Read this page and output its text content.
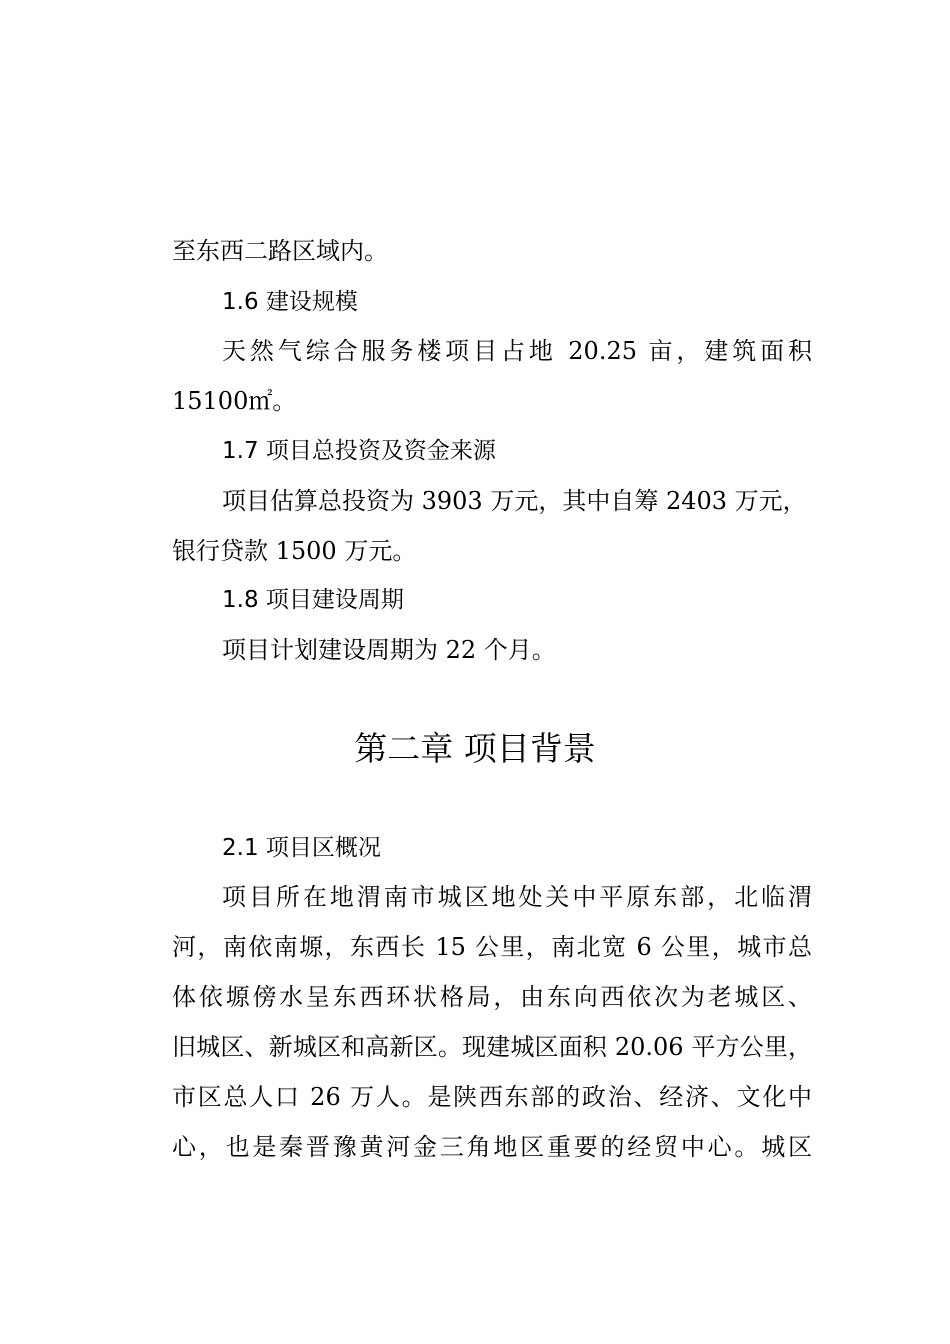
至东西二路区域内。
1.6 建设规模
天然气综合服务楼项目占地 20.25 亩，建筑面积
15100㎡。
1.7 项目总投资及资金来源
项目估算总投资为 3903 万元，其中自筹 2403 万元，
银行贷款 1500 万元。
1.8 项目建设周期
项目计划建设周期为 22 个月。
第二章 项目背景
2.1 项目区概况
项目所在地渭南市城区地处关中平原东部，北临渭
河，南依南塬，东西长 15 公里，南北宽 6 公里，城市总
体依塬傍水呈东西环状格局，由东向西依次为老城区、
旧城区、新城区和高新区。现建城区面积 20.06 平方公里，
市区总人口 26 万人。是陕西东部的政治、经济、文化中
心，也是秦晋豫黄河金三角地区重要的经贸中心。城区
